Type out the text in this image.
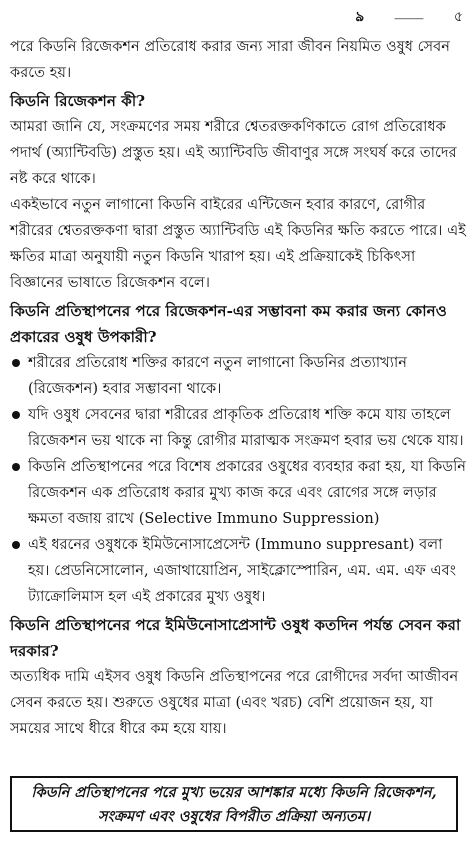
ঌ	⸻ ৫

পরে কিডনি রিজেকশন প্রতিরোধ করার জন্য সারা জীবন নিয়মিত ওষুধ সেবন করতে হয়।

কিডনি রিজেকশন কী?

আমরা জানি যে, সংক্রমণের সময় শরীরে শ্বেতরক্তকণিকাতে রোগ প্রতিরোধক পদার্থ (অ্যান্টিবডি) প্রস্তুত হয়। এই অ্যান্টিবডি জীবাণুর সঙ্গে সংঘর্ষ করে তাদের নষ্ট করে থাকে।

একইভাবে নতুন লাগানো কিডনি বাইরের এন্টিজেন হবার কারণে, রোগীর শরীরের শ্বেতরক্তকণা দ্বারা প্রস্তুত অ্যান্টিবডি এই কিডনির ক্ষতি করতে পারে। এই ক্ষতির মাত্রা অনুযায়ী নতুন কিডনি খারাপ হয়। এই প্রক্রিয়াকেই চিকিৎসা বিজ্ঞানের ভাষাতে রিজেকশন বলে।

কিডনি প্রতিস্থাপনের পরে রিজেকশন-এর সম্ভাবনা কম করার জন্য কোনও প্রকারের ওষুধ উপকারী?

শরীরের প্রতিরোধ শক্তির কারণে নতুন লাগানো কিডনির প্রত্যাখ্যান (রিজেকশন) হবার সম্ভাবনা থাকে।
যদি ওষুধ সেবনের দ্বারা শরীরের প্রাকৃতিক প্রতিরোধ শক্তি কমে যায় তাহলে রিজেকশন ভয় থাকে না কিন্তু রোগীর মারাত্মক সংক্রমণ হবার ভয় থেকে যায়।
কিডনি প্রতিস্থাপনের পরে বিশেষ প্রকারের ওষুধের ব্যবহার করা হয়, যা কিডনি রিজেকশন এক প্রতিরোধ করার মুখ্য কাজ করে এবং রোগের সঙ্গে লড়ার ক্ষমতা বজায় রাখে (Selective Immuno Suppression)
এই ধরনের ওষুধকে ইমিউনোসাপ্রেসেন্ট (Immuno suppresant) বলা হয়। প্রেডনিসোলোন, এজাথায়োপ্রিন, সাইক্লোস্পোরিন, এম. এম. এফ এবং ট্যাক্রোলিমাস হল এই প্রকারের মুখ্য ওষুধ।

কিডনি প্রতিস্থাপনের পরে ইমিউনোসাপ্রেসান্ট ওষুধ কতদিন পর্যন্ত সেবন করা দরকার?

অত্যধিক দামি এইসব ওষুধ কিডনি প্রতিস্থাপনের পরে রোগীদের সর্বদা আজীবন সেবন করতে হয়। শুরুতে ওষুধের মাত্রা (এবং খরচ) বেশি প্রয়োজন হয়, যা সময়ের সাথে ধীরে ধীরে কম হয়ে যায়।

কিডনি প্রতিস্থাপনের পরে মুখ্য ভয়ের আশঙ্কার মধ্যে কিডনি রিজেকশন, সংক্রমণ এবং ওষুধের বিপরীত প্রক্রিয়া অন্যতম।
